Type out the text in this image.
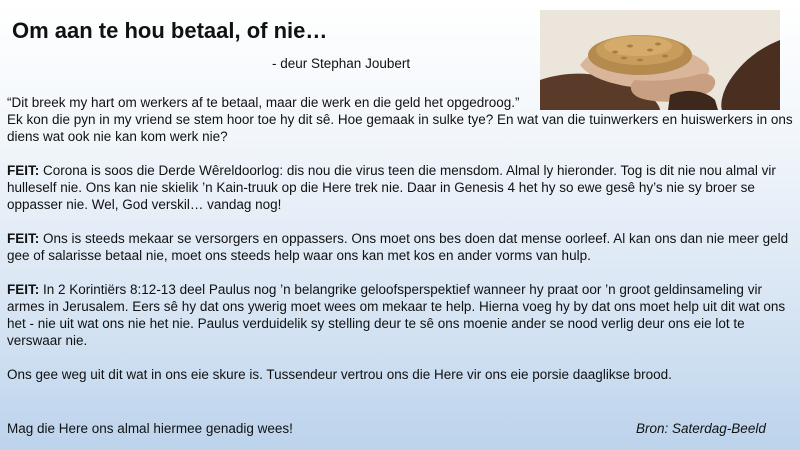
Om aan te hou betaal, of nie…
- deur Stephan Joubert

“Dit breek my hart om werkers af te betaal, maar die werk en die geld het opgedroog.”

Ek kon die pyn in my vriend se stem hoor toe hy dit sê. Hoe gemaak in sulke tye? En wat van die tuinwerkers en huiswerkers in ons diens wat ook nie kan kom werk nie?

FEIT: Corona is soos die Derde Wêreldoorlog: dis nou die virus teen die mensdom. Almal ly hieronder. Tog is dit nie nou almal vir hulleself nie. Ons kan nie skielik ’n Kain-truuk op die Here trek nie. Daar in Genesis 4 het hy so ewe gesê hy’s nie sy broer se oppasser nie. Wel, God verskil… vandag nog!

FEIT: Ons is steeds mekaar se versorgers en oppassers. Ons moet ons bes doen dat mense oorleef. Al kan ons dan nie meer geld gee of salarisse betaal nie, moet ons steeds help waar ons kan met kos en ander vorms van hulp.

FEIT: In 2 Korintiërs 8:12-13 deel Paulus nog ’n belangrike geloofsperspektief wanneer hy praat oor ’n groot geldinsameling vir armes in Jerusalem. Eers sê hy dat ons ywerig moet wees om mekaar te help. Hierna voeg hy by dat ons moet help uit dit wat ons het - nie uit wat ons nie het nie. Paulus verduidelik sy stelling deur te sê ons moenie ander se nood verlig deur ons eie lot te verswaar nie.

Ons gee weg uit dit wat in ons eie skure is. Tussendeur vertrou ons die Here vir ons eie porsie daaglikse brood.

Mag die Here ons almal hiermee genadig wees!	Bron: Saterdag-Beeld
